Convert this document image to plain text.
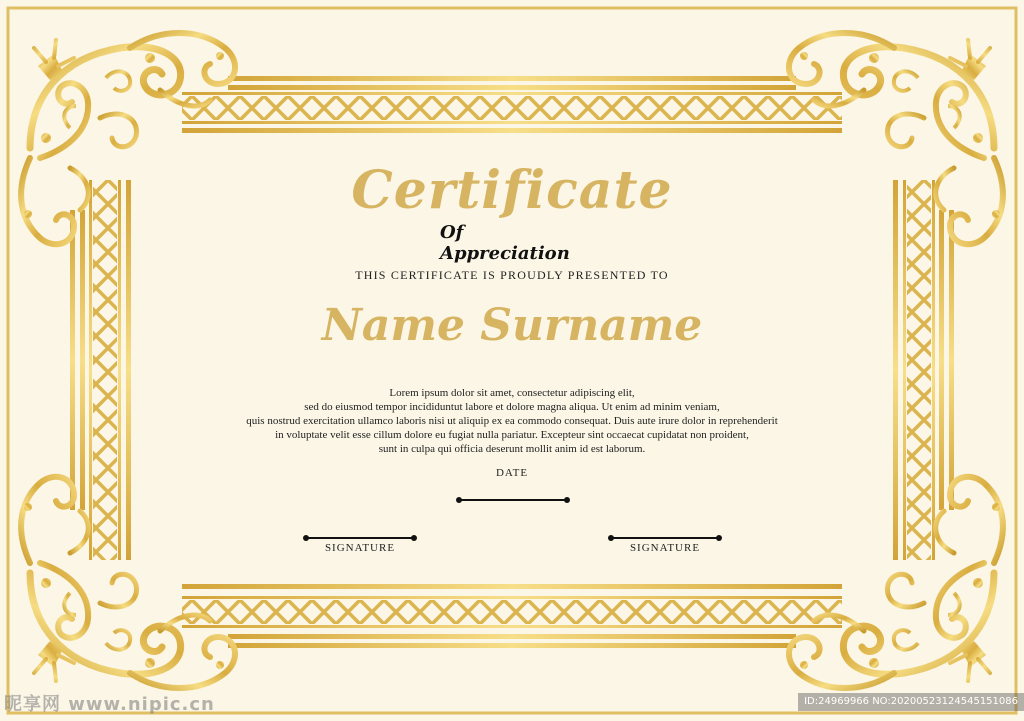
Certificate
Of Appreciation
THIS CERTIFICATE IS PROUDLY PRESENTED TO
Name Surname

Lorem ipsum dolor sit amet, consectetur adipiscing elit,

sed do eiusmod tempor incididuntut labore et dolore magna aliqua. Ut enim ad minim veniam,

quis nostrud exercitation ullamco laboris nisi ut aliquip ex ea commodo consequat. Duis aute irure dolor in reprehenderit

in voluptate velit esse cillum dolore eu fugiat nulla pariatur. Excepteur sint occaecat cupidatat non proident,

sunt in culpa qui officia deserunt mollit anim id est laborum.

DATE
SIGNATURE	SIGNATURE
昵享网 www.nipic.cn	ID:24969966 NO:20200523124545151086
